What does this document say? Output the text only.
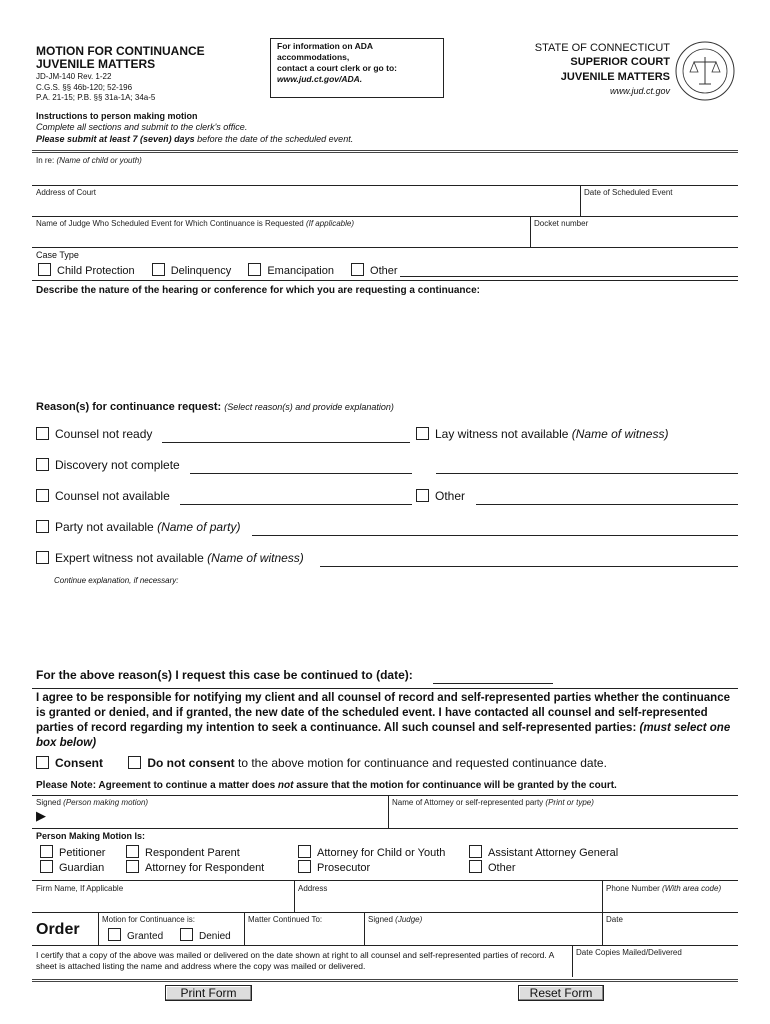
MOTION FOR CONTINUANCE
JUVENILE MATTERS
JD-JM-140 Rev. 1-22
C.G.S. §§ 46b-120; 52-196
P.A. 21-15; P.B. §§ 31a-1A; 34a-5
For information on ADA
accommodations,
contact a court clerk or go to:
www.jud.ct.gov/ADA.
STATE OF CONNECTICUT
SUPERIOR COURT
JUVENILE MATTERS
www.jud.ct.gov
Instructions to person making motion
Complete all sections and submit to the clerk's office.
Please submit at least 7 (seven) days before the date of the scheduled event.
In re: (Name of child or youth)
Address of Court	Date of Scheduled Event
Name of Judge Who Scheduled Event for Which Continuance is Requested (If applicable)	Docket number
Case Type
Child Protection	Delinquency	Emancipation	Other
Describe the nature of the hearing or conference for which you are requesting a continuance:
Reason(s) for continuance request: (Select reason(s) and provide explanation)
Counsel not ready	Lay witness not available (Name of witness)
Discovery not complete
Counsel not available	Other
Party not available (Name of party)
Expert witness not available (Name of witness)
Continue explanation, if necessary:
For the above reason(s) I request this case be continued to (date):
I agree to be responsible for notifying my client and all counsel of record and self-represented parties whether the continuance is granted or denied, and if granted, the new date of the scheduled event. I have contacted all counsel and self-represented parties of record regarding my intention to seek a continuance. All such counsel and self-represented parties: (must select one box below)
Consent	Do not consent to the above motion for continuance and requested continuance date.
Please Note: Agreement to continue a matter does not assure that the motion for continuance will be granted by the court.
Signed (Person making motion)
▶
Name of Attorney or self-represented party (Print or type)
Person Making Motion Is:
Petitioner	Respondent Parent	Attorney for Child or Youth	Assistant Attorney General
Guardian	Attorney for Respondent	Prosecutor	Other
Firm Name, If Applicable	Address	Phone Number (With area code)
Order
Motion for Continuance is:
Granted	Denied
Matter Continued To:	Signed (Judge)	Date
I certify that a copy of the above was mailed or delivered on the date shown at right to all counsel and self-represented parties of record. A sheet is attached listing the name and address where the copy was mailed or delivered.
Date Copies Mailed/Delivered
Print Form	Reset Form
